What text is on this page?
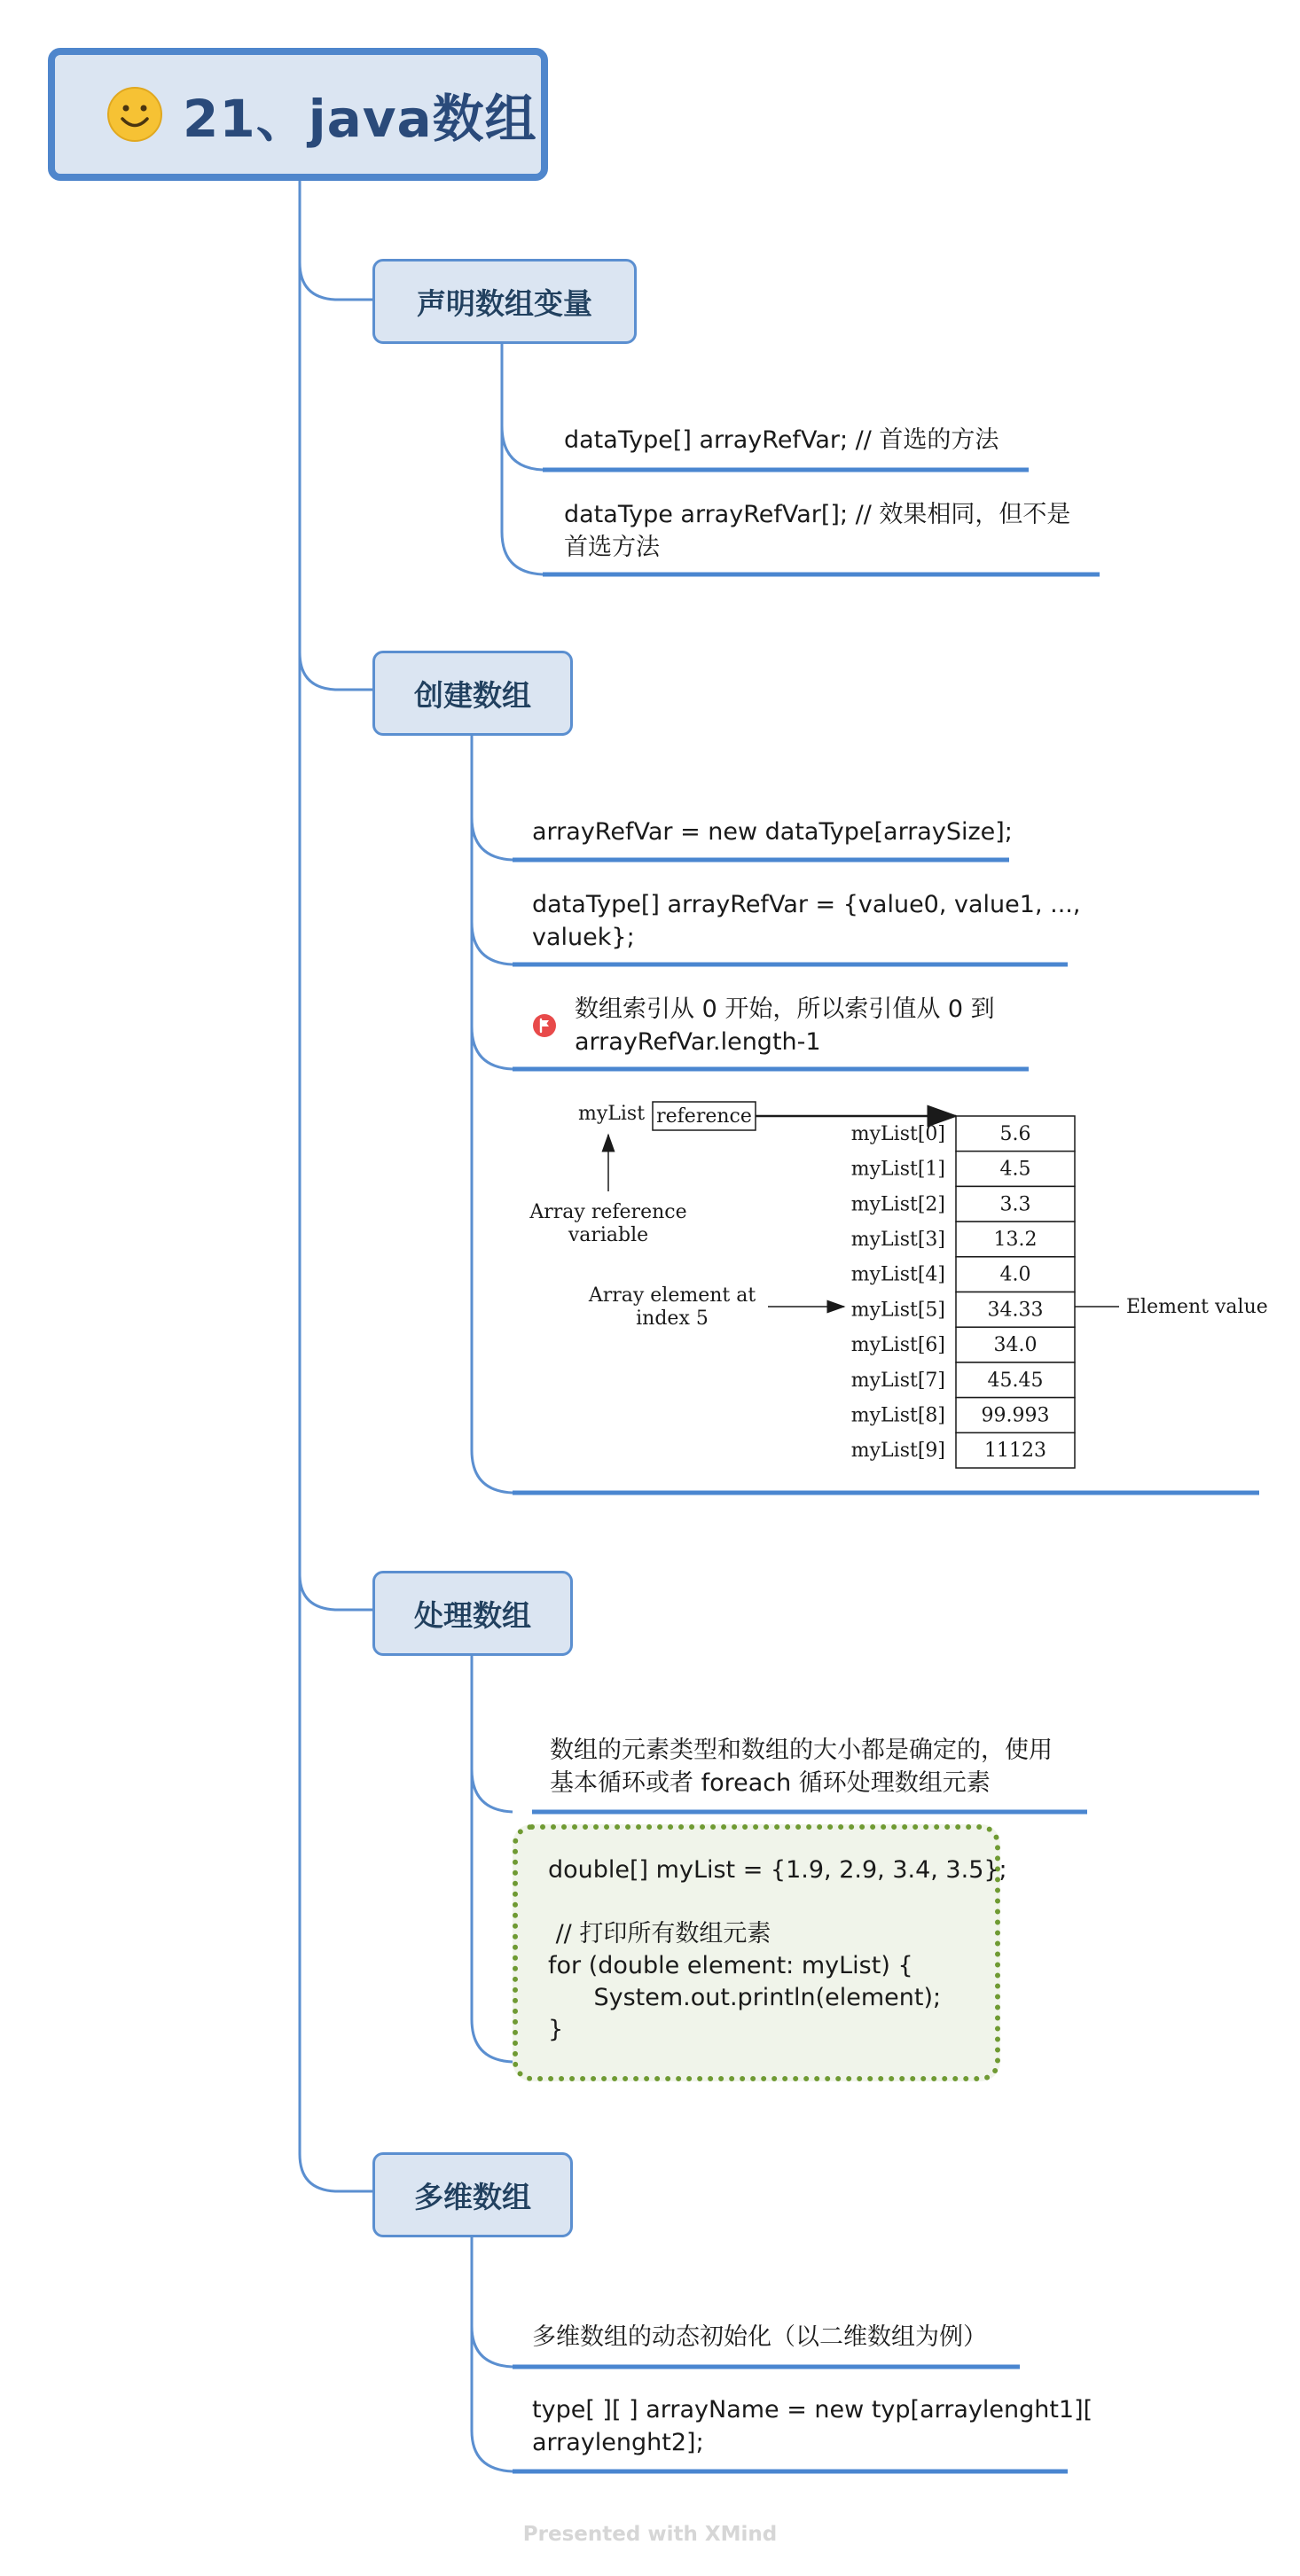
21、java数组
声明数组变量
dataType[] arrayRefVar; // 首选的方法
dataType arrayRefVar[]; // 效果相同，但不是
首选方法
创建数组
arrayRefVar = new dataType[arraySize];
dataType[] arrayRefVar = {value0, value1, ...,
valuek};
数组索引从 0 开始，所以索引值从 0 到
arrayRefVar.length-1
myList reference
Array reference
variable
Array element at
index 5
Element value
myList[0]	5.6
myList[1]	4.5
myList[2]	3.3
myList[3] 13.2
myList[4]	4.0
myList[5] 34.33
myList[6] 34.0
myList[7] 45.45
myList[8] 99.993
myList[9] 11123
处理数组
数组的元素类型和数组的大小都是确定的，使用
基本循环或者 foreach 循环处理数组元素
double[] myList = {1.9, 2.9, 3.4, 3.5};

// 打印所有数组元素
for (double element: myList) {
System.out.println(element);
}
多维数组
多维数组的动态初始化（以二维数组为例）
type[ ][ ] arrayName = new typ[arraylenght1][
arraylenght2];
Presented with XMind
